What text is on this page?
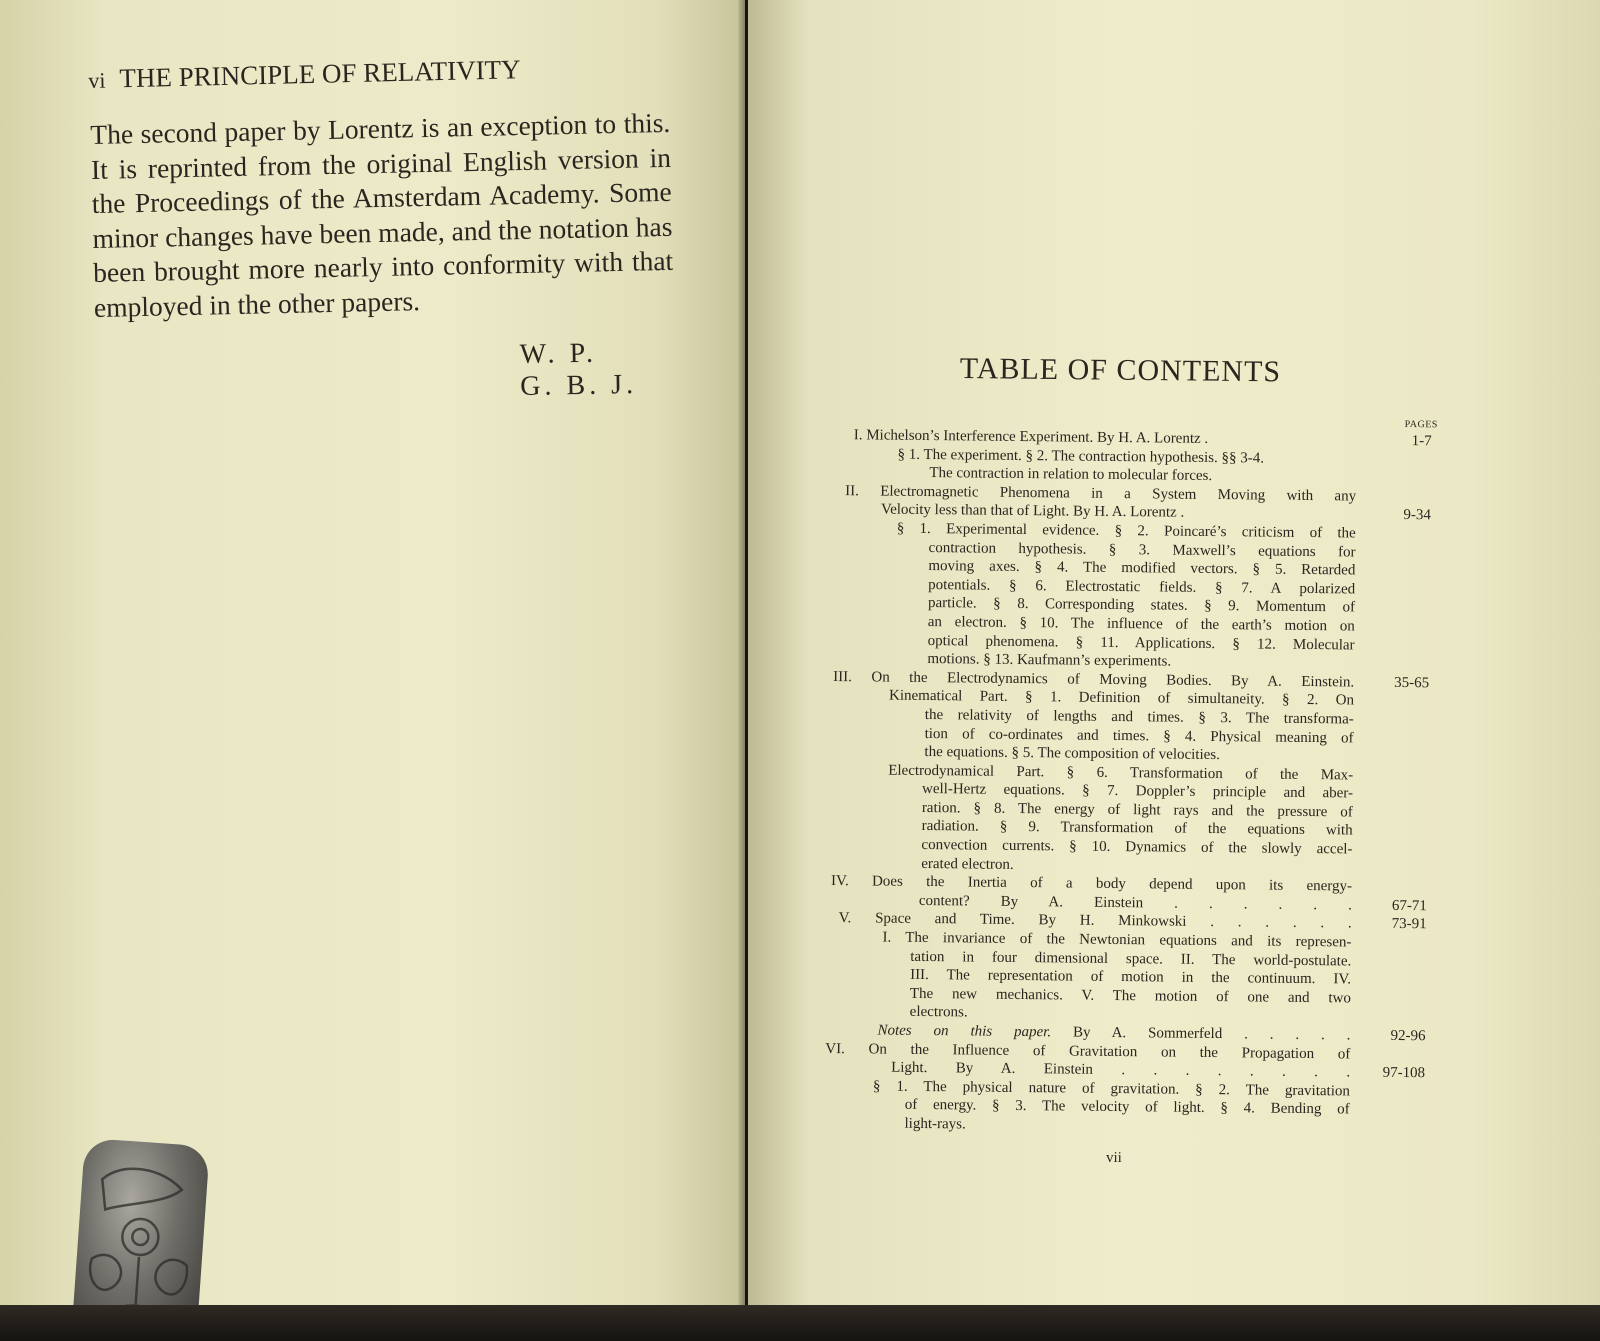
vi THE PRINCIPLE OF RELATIVITY
The second paper by Lorentz is an exception to this.
It is reprinted from the original English version in
the Proceedings of the Amsterdam Academy. Some
minor changes have been made, and the notation has
been brought more nearly into conformity with that
employed in the other papers.
W. P.
G. B. J.	TABLE OF CONTENTS
PAGES
I. Michelson’s Interference Experiment. By H. A. Lorentz .	1-7
§ 1. The experiment. § 2. The contraction hypothesis. §§ 3-4.
The contraction in relation to molecular forces.
II. Electromagnetic Phenomena in a System Moving with any
Velocity less than that of Light. By H. A. Lorentz .	9-34
§ 1. Experimental evidence. § 2. Poincaré’s criticism of the
contraction hypothesis. § 3. Maxwell’s equations for
moving axes. § 4. The modified vectors. § 5. Retarded
potentials. § 6. Electrostatic fields. § 7. A polarized
particle. § 8. Corresponding states. § 9. Momentum of
an electron. § 10. The influence of the earth’s motion on
optical phenomena. § 11. Applications. § 12. Molecular
motions. § 13. Kaufmann’s experiments.
III. On the Electrodynamics of Moving Bodies. By A. Einstein.	35-65
Kinematical Part. § 1. Definition of simultaneity. § 2. On
the relativity of lengths and times. § 3. The transforma-
tion of co-ordinates and times. § 4. Physical meaning of
the equations. § 5. The composition of velocities.
Electrodynamical Part. § 6. Transformation of the Max-
well-Hertz equations. § 7. Doppler’s principle and aber-
ration. § 8. The energy of light rays and the pressure of
radiation. § 9. Transformation of the equations with
convection currents. § 10. Dynamics of the slowly accel-
erated electron.
IV. Does the Inertia of a body depend upon its energy-
content? By A. Einstein . . . . . .	67-71
V. Space and Time. By H. Minkowski . . . . . .	73-91
I. The invariance of the Newtonian equations and its represen-
tation in four dimensional space. II. The world-postulate.
III. The representation of motion in the continuum. IV.
The new mechanics. V. The motion of one and two
electrons.
Notes on this paper. By A. Sommerfeld . . . . .	92-96
VI. On the Influence of Gravitation on the Propagation of
Light. By A. Einstein . . . . . . . . 97-108
§ 1. The physical nature of gravitation. § 2. The gravitation
of energy. § 3. The velocity of light. § 4. Bending of
light-rays.
vii
